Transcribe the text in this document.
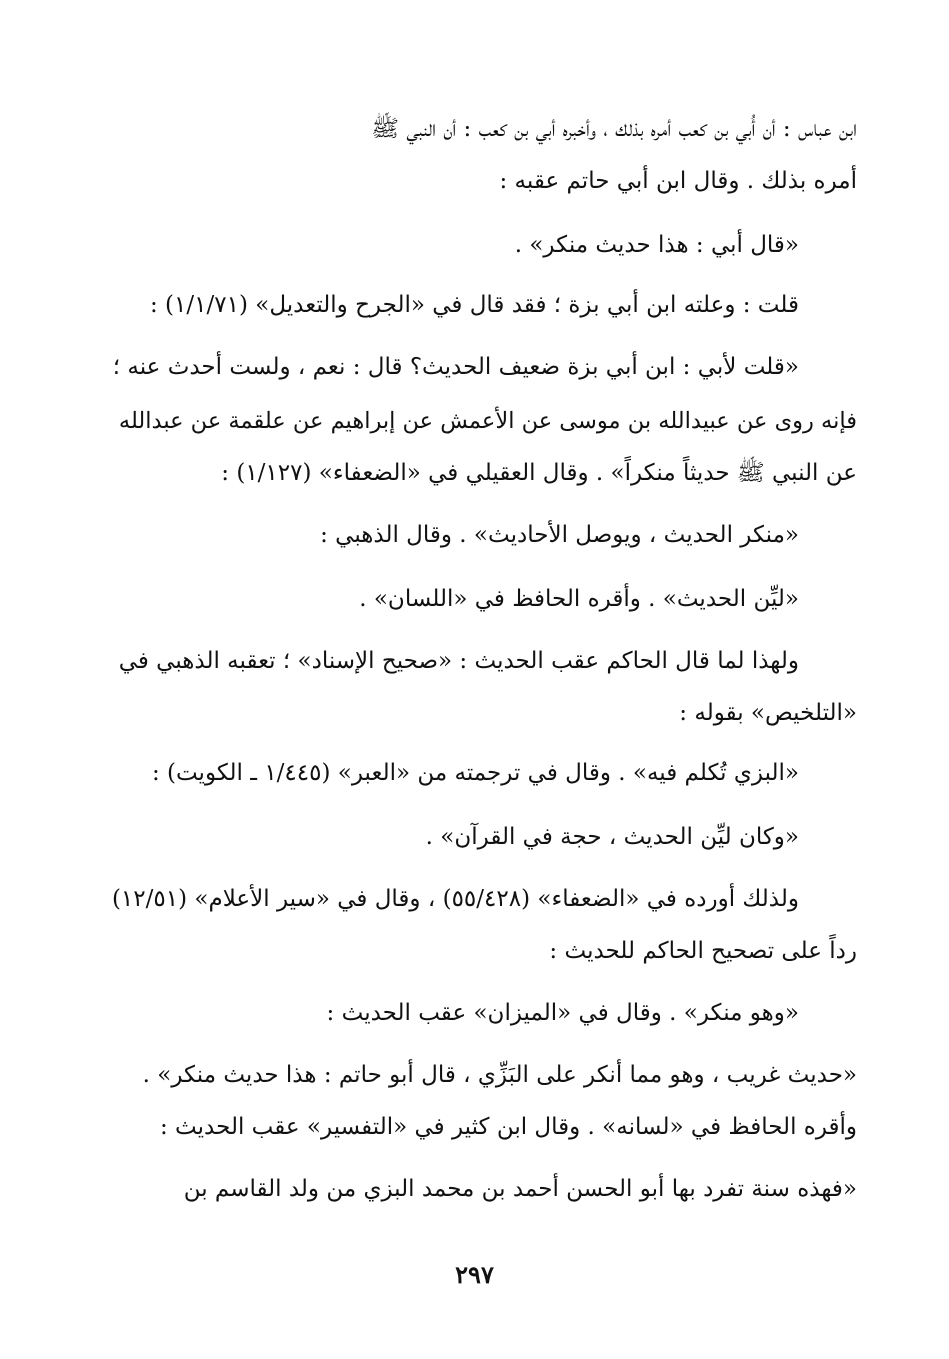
ابن عباس : أن أُبي بن كعب أمره بذلك ، وأخبره أبي بن كعب : أن النبي ﷺ
أمره بذلك . وقال ابن أبي حاتم عقبه :
«قال أبي : هذا حديث منكر» .
قلت : وعلته ابن أبي بزة ؛ فقد قال في «الجرح والتعديل» (١/١/٧١) :
«قلت لأبي : ابن أبي بزة ضعيف الحديث؟ قال : نعم ، ولست أحدث عنه ؛
فإنه روى عن عبيدالله بن موسى عن الأعمش عن إبراهيم عن علقمة عن عبدالله
عن النبي ﷺ حديثاً منكراً» . وقال العقيلي في «الضعفاء» (١/١٢٧) :
«منكر الحديث ، ويوصل الأحاديث» . وقال الذهبي :
«ليِّن الحديث» . وأقره الحافظ في «اللسان» .
ولهذا لما قال الحاكم عقب الحديث : «صحيح الإسناد» ؛ تعقبه الذهبي في
«التلخيص» بقوله :
«البزي تُكلم فيه» . وقال في ترجمته من «العبر» (١/٤٤٥ ـ الكويت) :
«وكان ليِّن الحديث ، حجة في القرآن» .
ولذلك أورده في «الضعفاء» (٥٥/٤٢٨) ، وقال في «سير الأعلام» (١٢/٥١)
رداً على تصحيح الحاكم للحديث :
«وهو منكر» . وقال في «الميزان» عقب الحديث :
«حديث غريب ، وهو مما أنكر على البَزِّي ، قال أبو حاتم : هذا حديث منكر» .
وأقره الحافظ في «لسانه» . وقال ابن كثير في «التفسير» عقب الحديث :
«فهذه سنة تفرد بها أبو الحسن أحمد بن محمد البزي من ولد القاسم بن
٢٩٧
